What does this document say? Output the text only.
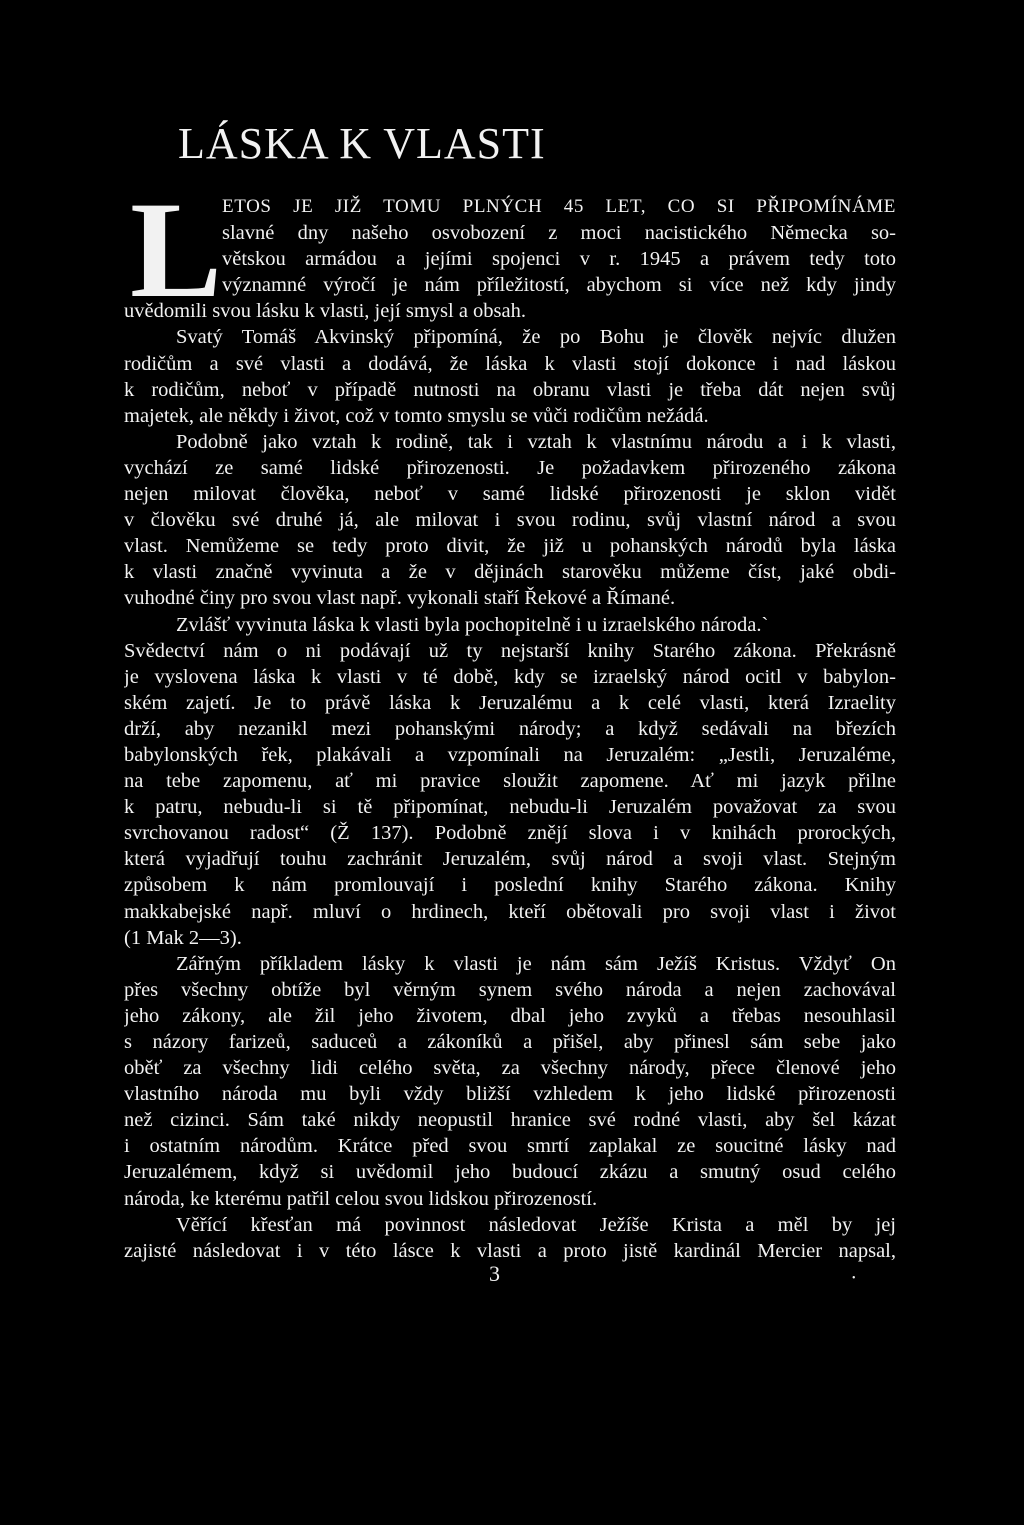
LÁSKA K VLASTI
L ETOS JE JIŽ TOMU PLNÝCH 45 LET, CO SI PŘIPOMÍNÁME
slavné dny našeho osvobození z moci nacistického Německa so-
větskou armádou a jejími spojenci v r. 1945 a právem tedy toto
významné výročí je nám příležitostí, abychom si více než kdy jindy
uvědomili svou lásku k vlasti, její smysl a obsah.
Svatý Tomáš Akvinský připomíná, že po Bohu je člověk nejvíc dlužen
rodičům a své vlasti a dodává, že láska k vlasti stojí dokonce i nad láskou
k rodičům, neboť v případě nutnosti na obranu vlasti je třeba dát nejen svůj
majetek, ale někdy i život, což v tomto smyslu se vůči rodičům nežádá.
Podobně jako vztah k rodině, tak i vztah k vlastnímu národu a i k vlasti,
vychází ze samé lidské přirozenosti. Je požadavkem přirozeného zákona
nejen milovat člověka, neboť v samé lidské přirozenosti je sklon vidět
v člověku své druhé já, ale milovat i svou rodinu, svůj vlastní národ a svou
vlast. Nemůžeme se tedy proto divit, že již u pohanských národů byla láska
k vlasti značně vyvinuta a že v dějinách starověku můžeme číst, jaké obdi-
vuhodné činy pro svou vlast např. vykonali staří Řekové a Římané.
Zvlášť vyvinuta láska k vlasti byla pochopitelně i u izraelského národa.`
Svědectví nám o ni podávají už ty nejstarší knihy Starého zákona. Překrásně
je vyslovena láska k vlasti v té době, kdy se izraelský národ ocitl v babylon-
ském zajetí. Je to právě láska k Jeruzalému a k celé vlasti, která Izraelity
drží, aby nezanikl mezi pohanskými národy; a když sedávali na březích
babylonských řek, plakávali a vzpomínali na Jeruzalém: „Jestli, Jeruzaléme,
na tebe zapomenu, ať mi pravice sloužit zapomene. Ať mi jazyk přilne
k patru, nebudu-li si tě připomínat, nebudu-li Jeruzalém považovat za svou
svrchovanou radost“ (Ž 137). Podobně znějí slova i v knihách prorockých,
která vyjadřují touhu zachránit Jeruzalém, svůj národ a svoji vlast. Stejným
způsobem k nám promlouvají i poslední knihy Starého zákona. Knihy
makkabejské např. mluví o hrdinech, kteří obětovali pro svoji vlast i život
(1 Mak 2—3).
Zářným příkladem lásky k vlasti je nám sám Ježíš Kristus. Vždyť On
přes všechny obtíže byl věrným synem svého národa a nejen zachovával
jeho zákony, ale žil jeho životem, dbal jeho zvyků a třebas nesouhlasil
s názory farizeů, saduceů a zákoníků a přišel, aby přinesl sám sebe jako
oběť za všechny lidi celého světa, za všechny národy, přece členové jeho
vlastního národa mu byli vždy bližší vzhledem k jeho lidské přirozenosti
než cizinci. Sám také nikdy neopustil hranice své rodné vlasti, aby šel kázat
i ostatním národům. Krátce před svou smrtí zaplakal ze soucitné lásky nad
Jeruzalémem, když si uvědomil jeho budoucí zkázu a smutný osud celého
národa, ke kterému patřil celou svou lidskou přirozeností.
Věřící křesťan má povinnost následovat Ježíše Krista a měl by jej
zajisté následovat i v této lásce k vlasti a proto jistě kardinál Mercier napsal,
3	•
